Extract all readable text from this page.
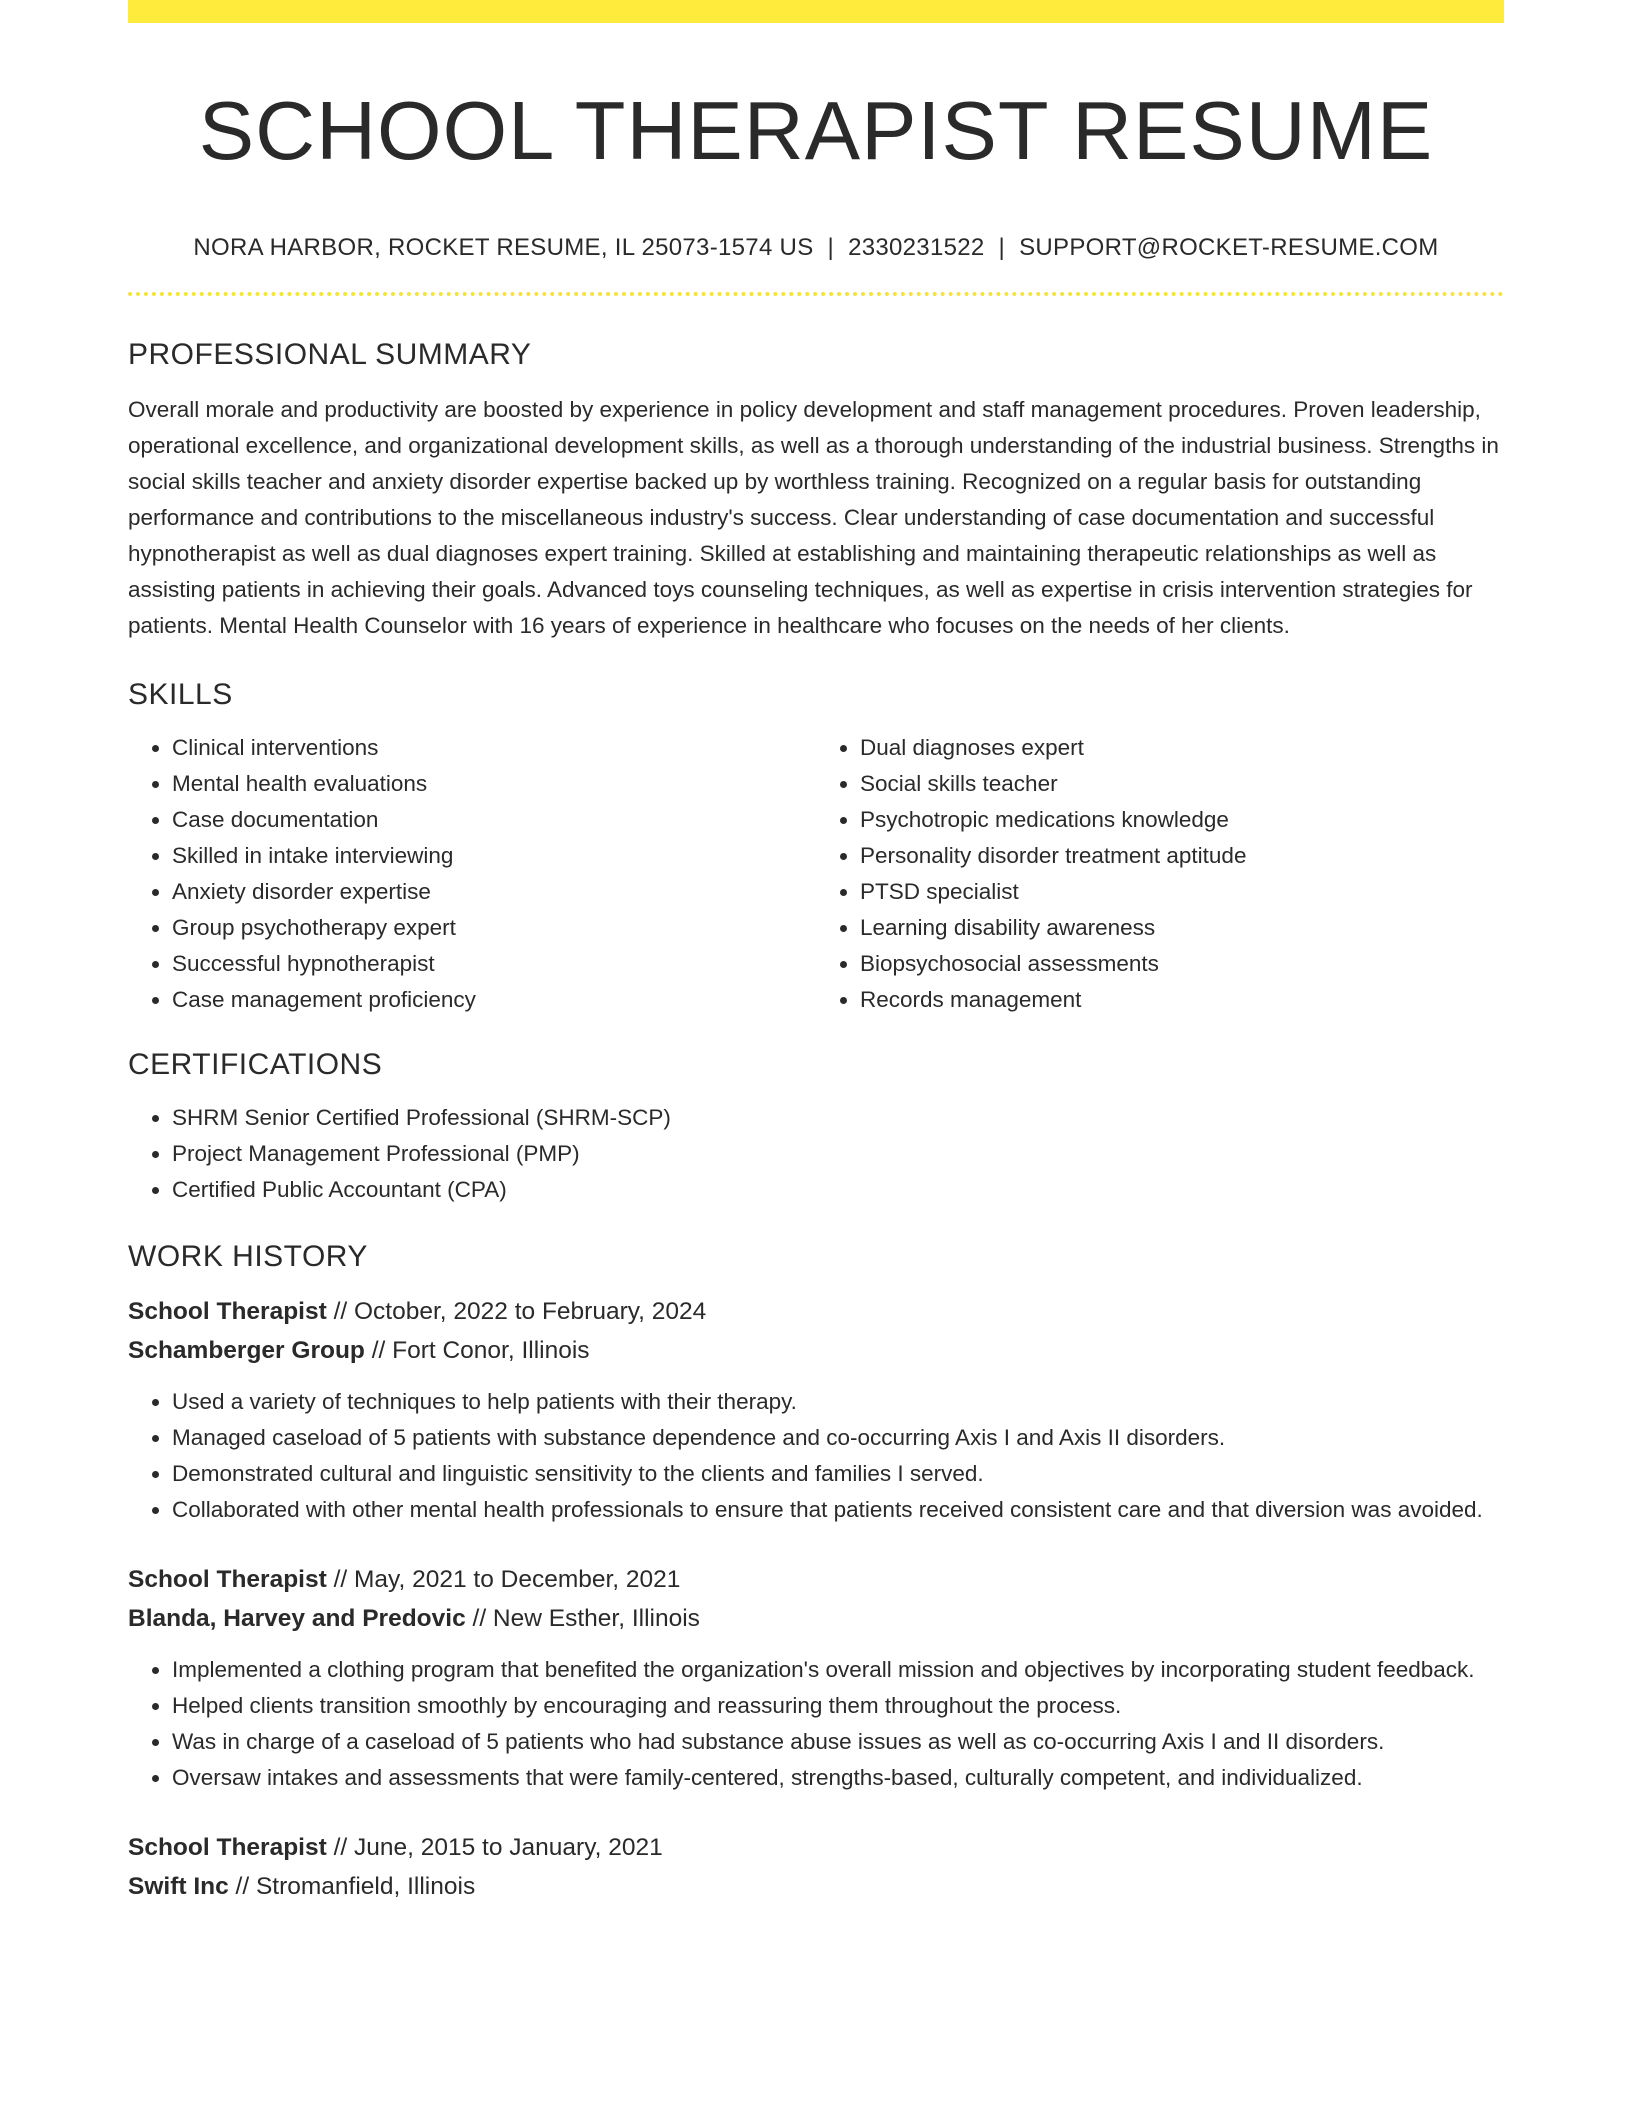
SCHOOL THERAPIST RESUME
NORA HARBOR, ROCKET RESUME, IL 25073-1574 US | 2330231522 | SUPPORT@ROCKET-RESUME.COM
PROFESSIONAL SUMMARY

Overall morale and productivity are boosted by experience in policy development and staff management procedures. Proven leadership, operational excellence, and organizational development skills, as well as a thorough understanding of the industrial business. Strengths in social skills teacher and anxiety disorder expertise backed up by worthless training. Recognized on a regular basis for outstanding performance and contributions to the miscellaneous industry's success. Clear understanding of case documentation and successful hypnotherapist as well as dual diagnoses expert training. Skilled at establishing and maintaining therapeutic relationships as well as assisting patients in achieving their goals. Advanced toys counseling techniques, as well as expertise in crisis intervention strategies for patients. Mental Health Counselor with 16 years of experience in healthcare who focuses on the needs of her clients.

SKILLS
• Clinical interventions
• Mental health evaluations
• Case documentation
• Skilled in intake interviewing
• Anxiety disorder expertise
• Group psychotherapy expert
• Successful hypnotherapist
• Case management proficiency
• Dual diagnoses expert
• Social skills teacher
• Psychotropic medications knowledge
• Personality disorder treatment aptitude
• PTSD specialist
• Learning disability awareness
• Biopsychosocial assessments
• Records management
CERTIFICATIONS
• SHRM Senior Certified Professional (SHRM-SCP)
• Project Management Professional (PMP)
• Certified Public Accountant (CPA)
WORK HISTORY
School Therapist // October, 2022 to February, 2024
Schamberger Group // Fort Conor, Illinois
• Used a variety of techniques to help patients with their therapy.
• Managed caseload of 5 patients with substance dependence and co-occurring Axis I and Axis II disorders.
• Demonstrated cultural and linguistic sensitivity to the clients and families I served.
• Collaborated with other mental health professionals to ensure that patients received consistent care and that diversion was avoided.
School Therapist // May, 2021 to December, 2021
Blanda, Harvey and Predovic // New Esther, Illinois
• Implemented a clothing program that benefited the organization's overall mission and objectives by incorporating student feedback.
• Helped clients transition smoothly by encouraging and reassuring them throughout the process.
• Was in charge of a caseload of 5 patients who had substance abuse issues as well as co-occurring Axis I and II disorders.
• Oversaw intakes and assessments that were family-centered, strengths-based, culturally competent, and individualized.
School Therapist // June, 2015 to January, 2021
Swift Inc // Stromanfield, Illinois
